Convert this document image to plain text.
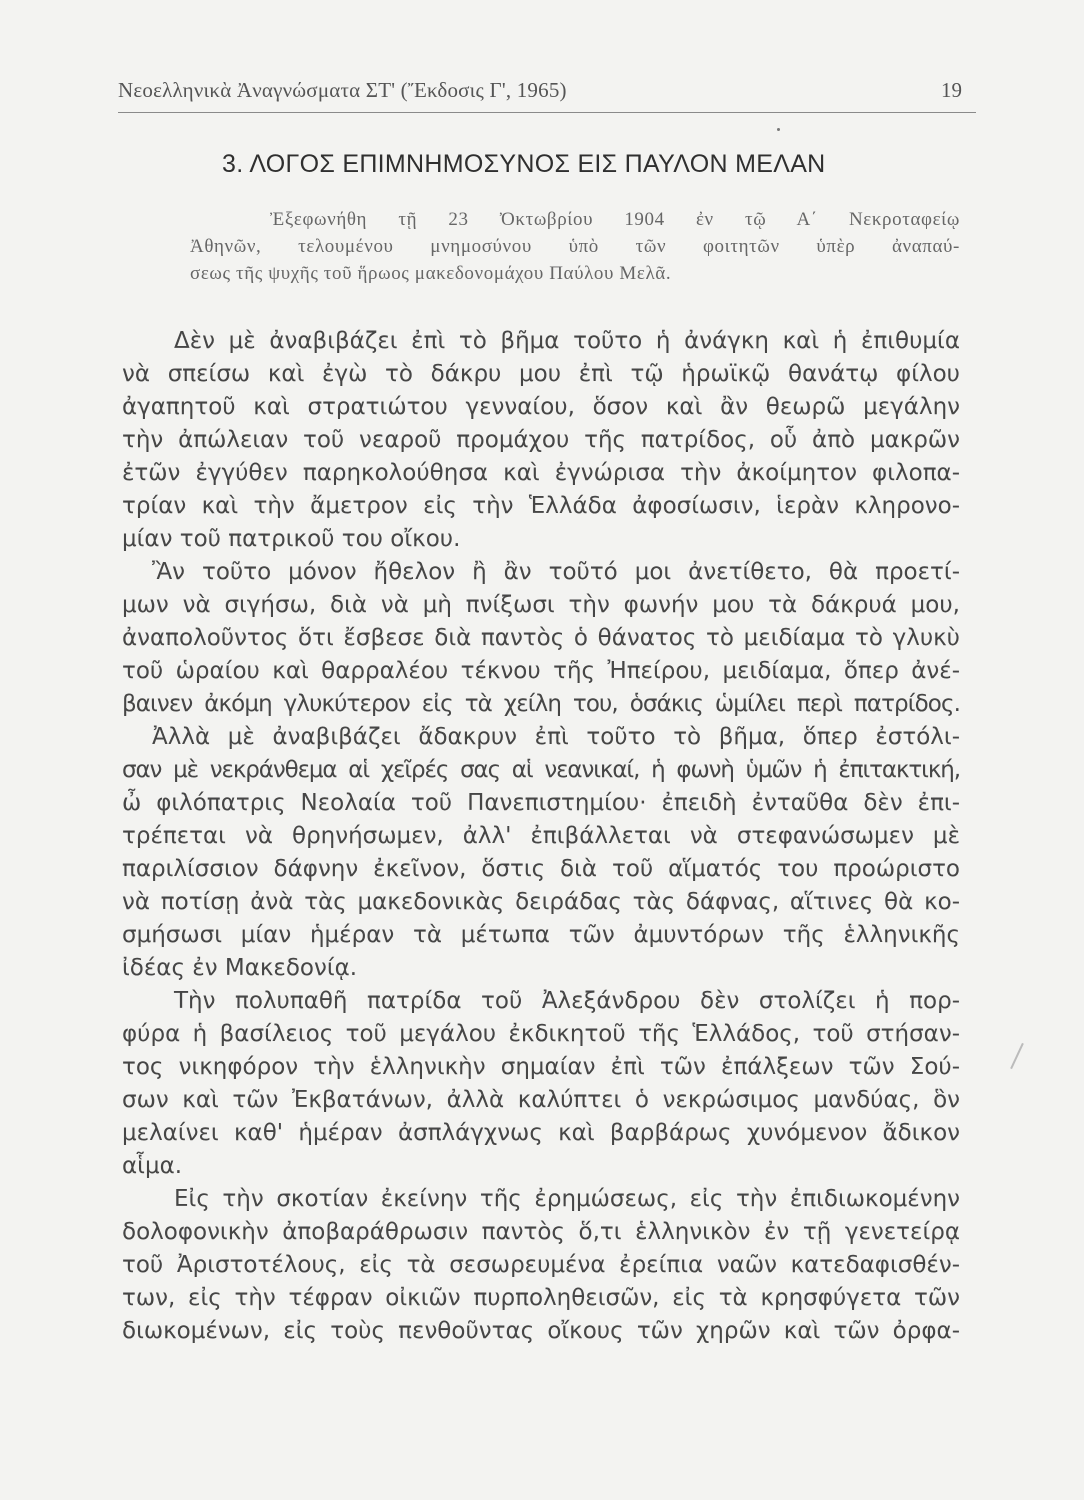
Νεοελληνικὰ Ἀναγνώσματα ΣΤ' (Ἔκδοσις Γ', 1965)	19
3. ΛΟΓΟΣ ΕΠΙΜΝΗΜΟΣΥΝΟΣ ΕΙΣ ΠΑΥΛΟΝ ΜΕΛΑΝ
Ἐξεφωνήθη τῇ 23 Ὀκτωβρίου 1904 ἐν τῷ Α΄ Νεκροταφείῳ
Ἀθηνῶν, τελουμένου μνημοσύνου ὑπὸ τῶν φοιτητῶν ὑπὲρ ἀναπαύ-
σεως τῆς ψυχῆς τοῦ ἥρωος μακεδονομάχου Παύλου Μελᾶ.
Δὲν μὲ ἀναβιβάζει ἐπὶ τὸ βῆμα τοῦτο ἡ ἀνάγκη καὶ ἡ ἐπιθυμία
νὰ σπείσω καὶ ἐγὼ τὸ δάκρυ μου ἐπὶ τῷ ἡρωϊκῷ θανάτῳ φίλου
ἀγαπητοῦ καὶ στρατιώτου γενναίου, ὅσον καὶ ἂν θεωρῶ μεγάλην
τὴν ἀπώλειαν τοῦ νεαροῦ προμάχου τῆς πατρίδος, οὗ ἀπὸ μακρῶν
ἐτῶν ἐγγύθεν παρηκολούθησα καὶ ἐγνώρισα τὴν ἀκοίμητον φιλοπα-
τρίαν καὶ τὴν ἄμετρον εἰς τὴν Ἑλλάδα ἀφοσίωσιν, ἱερὰν κληρονο-
μίαν τοῦ πατρικοῦ του οἴκου.
Ἂν τοῦτο μόνον ἤθελον ἢ ἂν τοῦτό μοι ἀνετίθετο, θὰ προετί-
μων νὰ σιγήσω, διὰ νὰ μὴ πνίξωσι τὴν φωνήν μου τὰ δάκρυά μου,
ἀναπολοῦντος ὅτι ἔσβεσε διὰ παντὸς ὁ θάνατος τὸ μειδίαμα τὸ γλυκὺ
τοῦ ὡραίου καὶ θαρραλέου τέκνου τῆς Ἠπείρου, μειδίαμα, ὅπερ ἀνέ-
βαινεν ἀκόμη γλυκύτερον εἰς τὰ χείλη του, ὁσάκις ὡμίλει περὶ πατρίδος.
Ἀλλὰ μὲ ἀναβιβάζει ἄδακρυν ἐπὶ τοῦτο τὸ βῆμα, ὅπερ ἐστόλι-
σαν μὲ νεκράνθεμα αἱ χεῖρές σας αἱ νεανικαί, ἡ φωνὴ ὑμῶν ἡ ἐπιτακτική,
ὦ φιλόπατρις Νεολαία τοῦ Πανεπιστημίου· ἐπειδὴ ἐνταῦθα δὲν ἐπι-
τρέπεται νὰ θρηνήσωμεν, ἀλλ' ἐπιβάλλεται νὰ στεφανώσωμεν μὲ
παριλίσσιον δάφνην ἐκεῖνον, ὅστις διὰ τοῦ αἵματός του προώριστο
νὰ ποτίσῃ ἀνὰ τὰς μακεδονικὰς δειράδας τὰς δάφνας, αἵτινες θὰ κο-
σμήσωσι μίαν ἡμέραν τὰ μέτωπα τῶν ἀμυντόρων τῆς ἑλληνικῆς
ἰδέας ἐν Μακεδονίᾳ.
Τὴν πολυπαθῆ πατρίδα τοῦ Ἀλεξάνδρου δὲν στολίζει ἡ πορ-
φύρα ἡ βασίλειος τοῦ μεγάλου ἐκδικητοῦ τῆς Ἑλλάδος, τοῦ στήσαν-
τος νικηφόρον τὴν ἑλληνικὴν σημαίαν ἐπὶ τῶν ἐπάλξεων τῶν Σού-
σων καὶ τῶν Ἐκβατάνων, ἀλλὰ καλύπτει ὁ νεκρώσιμος μανδύας, ὃν
μελαίνει καθ' ἡμέραν ἀσπλάγχνως καὶ βαρβάρως χυνόμενον ἄδικον
αἷμα.
Εἰς τὴν σκοτίαν ἐκείνην τῆς ἐρημώσεως, εἰς τὴν ἐπιδιωκομένην
δολοφονικὴν ἀποβαράθρωσιν παντὸς ὅ,τι ἑλληνικὸν ἐν τῇ γενετείρᾳ
τοῦ Ἀριστοτέλους, εἰς τὰ σεσωρευμένα ἐρείπια ναῶν κατεδαφισθέν-
των, εἰς τὴν τέφραν οἰκιῶν πυρποληθεισῶν, εἰς τὰ κρησφύγετα τῶν
διωκομένων, εἰς τοὺς πενθοῦντας οἴκους τῶν χηρῶν καὶ τῶν ὀρφα-
